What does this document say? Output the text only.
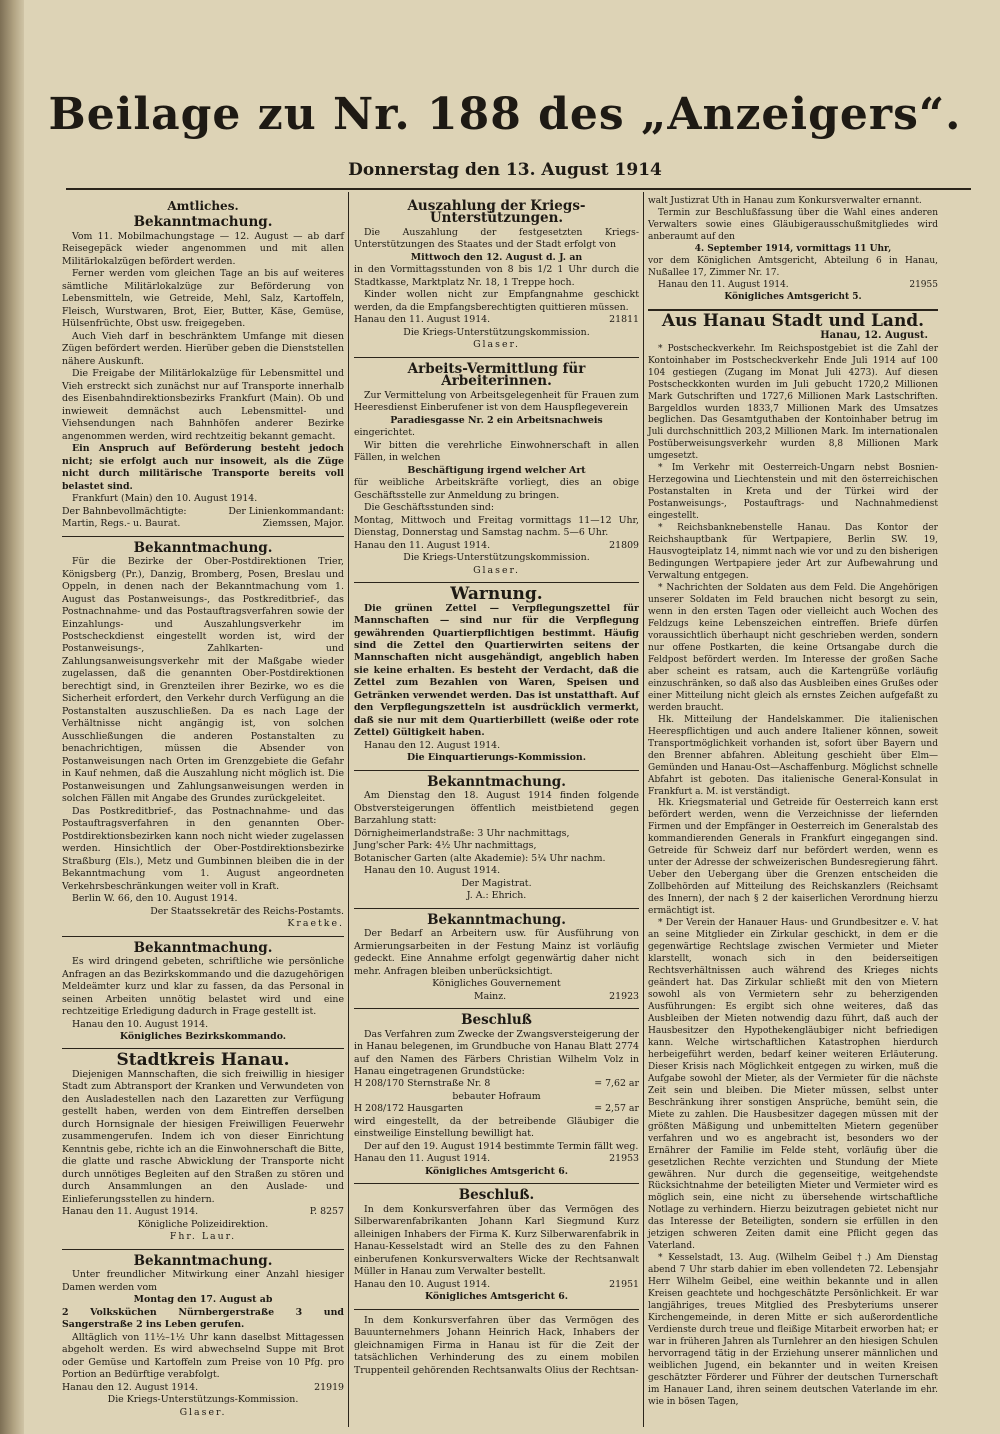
Beilage zu Nr. 188 des „Anzeigers“.
Donnerstag den 13. August 1914
Amtliches.
Bekanntmachung.

Vom 11. Mobilmachungstage — 12. August — ab darf Reisegepäck wieder angenommen und mit allen Militärlokalzügen befördert werden.

Ferner werden vom gleichen Tage an bis auf weiteres sämtliche Militärlokalzüge zur Beförderung von Lebensmitteln, wie Getreide, Mehl, Salz, Kartoffeln, Fleisch, Wurstwaren, Brot, Eier, Butter, Käse, Gemüse, Hülsenfrüchte, Obst usw. freigegeben.

Auch Vieh darf in beschränktem Umfange mit diesen Zügen befördert werden. Hierüber geben die Dienststellen nähere Auskunft.

Die Freigabe der Militärlokalzüge für Lebensmittel und Vieh erstreckt sich zunächst nur auf Transporte innerhalb des Eisenbahndirektionsbezirks Frankfurt (Main). Ob und inwieweit demnächst auch Lebensmittel- und Viehsendungen nach Bahnhöfen anderer Bezirke angenommen werden, wird rechtzeitig bekannt gemacht.

Ein Anspruch auf Beförderung besteht jedoch nicht; sie erfolgt auch nur insoweit, als die Züge nicht durch militärische Transporte bereits voll belastet sind.

Frankfurt (Main) den 10. August 1914.

Der Bahnbevollmächtigte:	Der Linienkommandant:
Martin, Regs.- u. Baurat.	Ziemssen, Major.
Bekanntmachung.

Für die Bezirke der Ober-Postdirektionen Trier, Königsberg (Pr.), Danzig, Bromberg, Posen, Breslau und Oppeln, in denen nach der Bekanntmachung vom 1. August das Postanweisungs-, das Postkreditbrief-, das Postnachnahme- und das Postauftragsverfahren sowie der Einzahlungs- und Auszahlungsverkehr im Postscheckdienst eingestellt worden ist, wird der Postanweisungs-, Zahlkarten- und Zahlungsanweisungsverkehr mit der Maßgabe wieder zugelassen, daß die genannten Ober-Postdirektionen berechtigt sind, in Grenzteilen ihrer Bezirke, wo es die Sicherheit erfordert, den Verkehr durch Verfügung an die Postanstalten auszuschließen. Da es nach Lage der Verhältnisse nicht angängig ist, von solchen Ausschließungen die anderen Postanstalten zu benachrichtigen, müssen die Absender von Postanweisungen nach Orten im Grenzgebiete die Gefahr in Kauf nehmen, daß die Auszahlung nicht möglich ist. Die Postanweisungen und Zahlungsanweisungen werden in solchen Fällen mit Angabe des Grundes zurückgeleitet.

Das Postkreditbrief-, das Postnachnahme- und das Postauftragsverfahren in den genannten Ober-Postdirektionsbezirken kann noch nicht wieder zugelassen werden. Hinsichtlich der Ober-Postdirektionsbezirke Straßburg (Els.), Metz und Gumbinnen bleiben die in der Bekanntmachung vom 1. August angeordneten Verkehrsbeschränkungen weiter voll in Kraft.

Berlin W. 66, den 10. August 1914.

Der Staatssekretär des Reichs-Postamts.

Kraetke.

Bekanntmachung.

Es wird dringend gebeten, schriftliche wie persönliche Anfragen an das Bezirkskommando und die dazugehörigen Meldeämter kurz und klar zu fassen, da das Personal in seinen Arbeiten unnötig belastet wird und eine rechtzeitige Erledigung dadurch in Frage gestellt ist.

Hanau den 10. August 1914.

Königliches Bezirkskommando.

Stadtkreis Hanau.

Diejenigen Mannschaften, die sich freiwillig in hiesiger Stadt zum Abtransport der Kranken und Verwundeten von den Ausladestellen nach den Lazaretten zur Verfügung gestellt haben, werden von dem Eintreffen derselben durch Hornsignale der hiesigen Freiwilligen Feuerwehr zusammengerufen. Indem ich von dieser Einrichtung Kenntnis gebe, richte ich an die Einwohnerschaft die Bitte, die glatte und rasche Abwicklung der Transporte nicht durch unnötiges Begleiten auf den Straßen zu stören und durch Ansammlungen an den Auslade- und Einlieferungsstellen zu hindern.

Hanau den 11. August 1914.	P. 8257

Königliche Polizeidirektion.

Fhr. Laur.

Bekanntmachung.

Unter freundlicher Mitwirkung einer Anzahl hiesiger Damen werden vom

Montag den 17. August ab

2 Volksküchen Nürnbergerstraße 3 und Sangerstraße 2 ins Leben gerufen.

Alltäglich von 11½–1½ Uhr kann daselbst Mittagessen abgeholt werden. Es wird abwechselnd Suppe mit Brot oder Gemüse und Kartoffeln zum Preise von 10 Pfg. pro Portion an Bedürftige verabfolgt.

Hanau den 12. August 1914.	21919

Die Kriegs-Unterstützungs-Kommission.

Glaser.

Auszahlung der Kriegs-Unterstützungen.

Die Auszahlung der festgesetzten Kriegs-Unterstützungen des Staates und der Stadt erfolgt von

Mittwoch den 12. August d. J. an

in den Vormittagsstunden von 8 bis 1/2 1 Uhr durch die Stadtkasse, Marktplatz Nr. 18, 1 Treppe hoch.

Kinder wollen nicht zur Empfangnahme geschickt werden, da die Empfangsberechtigten quittieren müssen.

Hanau den 11. August 1914.	21811

Die Kriegs-Unterstützungskommission.

Glaser.

Arbeits-Vermittlung für Arbeiterinnen.

Zur Vermittelung von Arbeitsgelegenheit für Frauen zum Heeresdienst Einberufener ist von dem Hauspflegeverein

Paradiesgasse Nr. 2 ein Arbeitsnachweis

eingerichtet.

Wir bitten die verehrliche Einwohnerschaft in allen Fällen, in welchen

Beschäftigung irgend welcher Art

für weibliche Arbeitskräfte vorliegt, dies an obige Geschäftsstelle zur Anmeldung zu bringen.

Die Geschäftsstunden sind:

Montag, Mittwoch und Freitag vormittags 11—12 Uhr, Dienstag, Donnerstag und Samstag nachm. 5—6 Uhr.

Hanau den 11. August 1914.	21809

Die Kriegs-Unterstützungskommission.

Glaser.

Warnung.

Die grünen Zettel — Verpflegungszettel für Mannschaften — sind nur für die Verpflegung gewährenden Quartierpflichtigen bestimmt. Häufig sind die Zettel den Quartierwirten seitens der Mannschaften nicht ausgehändigt, angeblich haben sie keine erhalten. Es besteht der Verdacht, daß die Zettel zum Bezahlen von Waren, Speisen und Getränken verwendet werden. Das ist unstatthaft. Auf den Verpflegungszetteln ist ausdrücklich vermerkt, daß sie nur mit dem Quartierbillett (weiße oder rote Zettel) Gültigkeit haben.

Hanau den 12. August 1914.

Die Einquartierungs-Kommission.

Bekanntmachung.

Am Dienstag den 18. August 1914 finden folgende Obstversteigerungen öffentlich meistbietend gegen Barzahlung statt:

Dörnigheimerlandstraße: 3 Uhr nachmittags,

Jung'scher Park: 4½ Uhr nachmittags,

Botanischer Garten (alte Akademie): 5¼ Uhr nachm.

Hanau den 10. August 1914.

Der Magistrat.

J. A.: Ehrich.

Bekanntmachung.

Der Bedarf an Arbeitern usw. für Ausführung von Armierungsarbeiten in der Festung Mainz ist vorläufig gedeckt. Eine Annahme erfolgt gegenwärtig daher nicht mehr. Anfragen bleiben unberücksichtigt.

Königliches Gouvernement

Mainz.	21923
Beschluß

Das Verfahren zum Zwecke der Zwangsversteigerung der in Hanau belegenen, im Grundbuche von Hanau Blatt 2774 auf den Namen des Färbers Christian Wilhelm Volz in Hanau eingetragenen Grundstücke:

H 208/170 Sternstraße Nr. 8	= 7,62 ar

bebauter Hofraum

H 208/172 Hausgarten	= 2,57 ar

wird eingestellt, da der betreibende Gläubiger die einstweilige Einstellung bewilligt hat.

Der auf den 19. August 1914 bestimmte Termin fällt weg.

Hanau den 11. August 1914.	21953

Königliches Amtsgericht 6.

Beschluß.

In dem Konkursverfahren über das Vermögen des Silberwarenfabrikanten Johann Karl Siegmund Kurz alleinigen Inhabers der Firma K. Kurz Silberwarenfabrik in Hanau-Kesselstadt wird an Stelle des zu den Fahnen einberufenen Konkursverwalters Wicke der Rechtsanwalt Müller in Hanau zum Verwalter bestellt.

Hanau den 10. August 1914.	21951

Königliches Amtsgericht 6.

In dem Konkursverfahren über das Vermögen des Bauunternehmers Johann Heinrich Hack, Inhabers der gleichnamigen Firma in Hanau ist für die Zeit der tatsächlichen Verhinderung des zu einem mobilen Truppenteil gehörenden Rechtsanwalts Olius der Rechtsan-

walt Justizrat Uth in Hanau zum Konkursverwalter ernannt.

Termin zur Beschlußfassung über die Wahl eines anderen Verwalters sowie eines Gläubigerausschußmitgliedes wird anberaumt auf den

4. September 1914, vormittags 11 Uhr,

vor dem Königlichen Amtsgericht, Abteilung 6 in Hanau, Nußallee 17, Zimmer Nr. 17.

Hanau den 11. August 1914.	21955

Königliches Amtsgericht 5.

Aus Hanau Stadt und Land.
Hanau, 12. August.

* Postscheckverkehr. Im Reichspostgebiet ist die Zahl der Kontoinhaber im Postscheckverkehr Ende Juli 1914 auf 100 104 gestiegen (Zugang im Monat Juli 4273). Auf diesen Postscheckkonten wurden im Juli gebucht 1720,2 Millionen Mark Gutschriften und 1727,6 Millionen Mark Lastschriften. Bargeldlos wurden 1833,7 Millionen Mark des Umsatzes beglichen. Das Gesamtguthaben der Kontoinhaber betrug im Juli durchschnittlich 203,2 Millionen Mark. Im internationalen Postüberweisungsverkehr wurden 8,8 Millionen Mark umgesetzt.

* Im Verkehr mit Oesterreich-Ungarn nebst Bosnien-Herzegowina und Liechtenstein und mit den österreichischen Postanstalten in Kreta und der Türkei wird der Postanweisungs-, Postauftrags- und Nachnahmedienst eingestellt.

* Reichsbanknebenstelle Hanau. Das Kontor der Reichshauptbank für Wertpapiere, Berlin SW. 19, Hausvogteiplatz 14, nimmt nach wie vor und zu den bisherigen Bedingungen Wertpapiere jeder Art zur Aufbewahrung und Verwaltung entgegen.

* Nachrichten der Soldaten aus dem Feld. Die Angehörigen unserer Soldaten im Feld brauchen nicht besorgt zu sein, wenn in den ersten Tagen oder vielleicht auch Wochen des Feldzugs keine Lebenszeichen eintreffen. Briefe dürfen voraussichtlich überhaupt nicht geschrieben werden, sondern nur offene Postkarten, die keine Ortsangabe durch die Feldpost befördert werden. Im Interesse der großen Sache aber scheint es ratsam, auch die Kartengrüße vorläufig einzuschränken, so daß also das Ausbleiben eines Grußes oder einer Mitteilung nicht gleich als ernstes Zeichen aufgefaßt zu werden braucht.

Hk. Mitteilung der Handelskammer. Die italienischen Heerespflichtigen und auch andere Italiener können, soweit Transportmöglichkeit vorhanden ist, sofort über Bayern und den Brenner abfahren. Ableitung geschieht über Elm—Gemünden und Hanau-Ost—Aschaffenburg. Möglichst schnelle Abfahrt ist geboten. Das italienische General-Konsulat in Frankfurt a. M. ist verständigt.

Hk. Kriegsmaterial und Getreide für Oesterreich kann erst befördert werden, wenn die Verzeichnisse der liefernden Firmen und der Empfänger in Oesterreich im Generalstab des kommandierenden Generals in Frankfurt eingegangen sind. Getreide für Schweiz darf nur befördert werden, wenn es unter der Adresse der schweizerischen Bundesregierung fährt. Ueber den Uebergang über die Grenzen entscheiden die Zollbehörden auf Mitteilung des Reichskanzlers (Reichsamt des Innern), der nach § 2 der kaiserlichen Verordnung hierzu ermächtigt ist.

* Der Verein der Hanauer Haus- und Grundbesitzer e. V. hat an seine Mitglieder ein Zirkular geschickt, in dem er die gegenwärtige Rechtslage zwischen Vermieter und Mieter klarstellt, wonach sich in den beiderseitigen Rechtsverhältnissen auch während des Krieges nichts geändert hat. Das Zirkular schließt mit den von Mietern sowohl als von Vermietern sehr zu beherzigenden Ausführungen: Es ergibt sich ohne weiteres, daß das Ausbleiben der Mieten notwendig dazu führt, daß auch der Hausbesitzer den Hypothekengläubiger nicht befriedigen kann. Welche wirtschaftlichen Katastrophen hierdurch herbeigeführt werden, bedarf keiner weiteren Erläuterung. Dieser Krisis nach Möglichkeit entgegen zu wirken, muß die Aufgabe sowohl der Mieter, als der Vermieter für die nächste Zeit sein und bleiben. Die Mieter müssen, selbst unter Beschränkung ihrer sonstigen Ansprüche, bemüht sein, die Miete zu zahlen. Die Hausbesitzer dagegen müssen mit der größten Mäßigung und unbemittelten Mietern gegenüber verfahren und wo es angebracht ist, besonders wo der Ernährer der Familie im Felde steht, vorläufig über die gesetzlichen Rechte verzichten und Stundung der Miete gewähren. Nur durch die gegenseitige, weitgehendste Rücksichtnahme der beteiligten Mieter und Vermieter wird es möglich sein, eine nicht zu übersehende wirtschaftliche Notlage zu verhindern. Hierzu beizutragen gebietet nicht nur das Interesse der Beteiligten, sondern sie erfüllen in den jetzigen schweren Zeiten damit eine Pflicht gegen das Vaterland.

* Kesselstadt, 13. Aug. (Wilhelm Geibel †.) Am Dienstag abend 7 Uhr starb dahier im eben vollendeten 72. Lebensjahr Herr Wilhelm Geibel, eine weithin bekannte und in allen Kreisen geachtete und hochgeschätzte Persönlichkeit. Er war langjähriges, treues Mitglied des Presbyteriums unserer Kirchengemeinde, in deren Mitte er sich außerordentliche Verdienste durch treue und fleißige Mitarbeit erworben hat; er war in früheren Jahren als Turnlehrer an den hiesigen Schulen hervorragend tätig in der Erziehung unserer männlichen und weiblichen Jugend, ein bekannter und in weiten Kreisen geschätzter Förderer und Führer der deutschen Turnerschaft im Hanauer Land, ihren seinem deutschen Vaterlande im ehr. wie in bösen Tagen,
